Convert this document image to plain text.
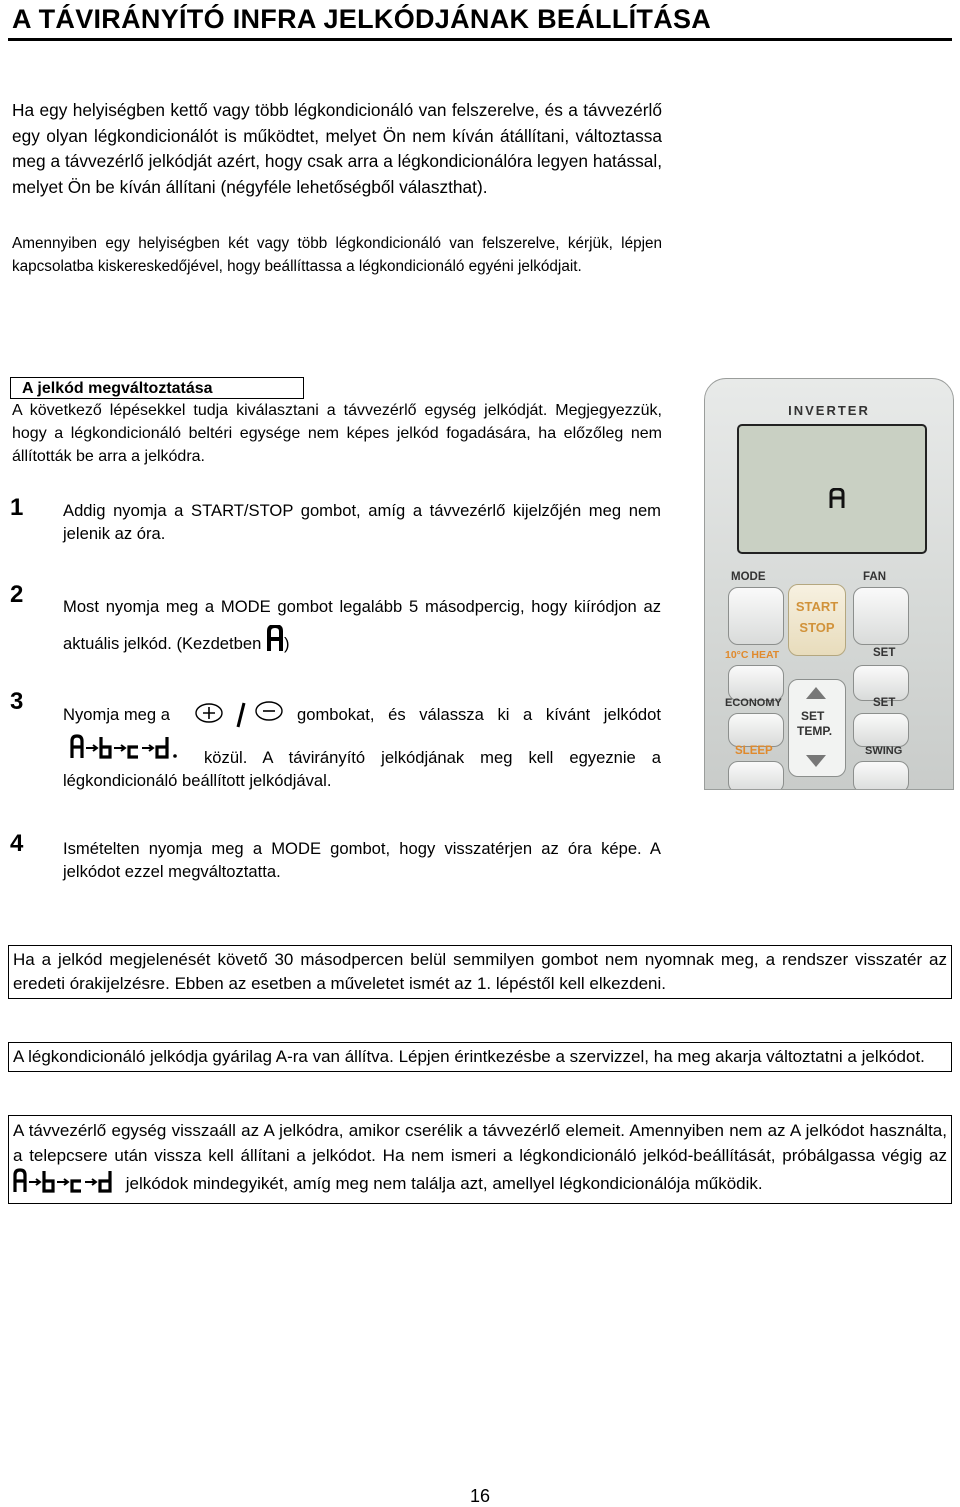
A TÁVIRÁNYÍTÓ INFRA JELKÓDJÁNAK BEÁLLÍTÁSA
Ha egy helyiségben kettő vagy több légkondicionáló van felszerelve, és a távvezérlő egy olyan légkondicionálót is működtet, melyet Ön nem kíván átállítani, változtassa meg a távvezérlő jelkódját azért, hogy csak arra a légkondicionálóra legyen hatással, melyet Ön be kíván állítani (négyféle lehetőségből választhat).
Amennyiben egy helyiségben két vagy több légkondicionáló van felszerelve, kérjük, lépjen kapcsolatba kiskereskedőjével, hogy beállíttassa a légkondicionáló egyéni jelkódjait.
A jelkód megváltoztatása
A következő lépésekkel tudja kiválasztani a távvezérlő egység jelkódját. Megjegyezzük, hogy a légkondicionáló beltéri egysége nem képes jelkód fogadására, ha előzőleg nem állították be arra a jelkódra.
1 Addig nyomja a START/STOP gombot, amíg a távvezérlő kijelzőjén meg nem jelenik az óra.
2 Most nyomja meg a MODE gombot legalább 5 másodpercig, hogy kiíródjon az aktuális jelkód. (Kezdetben )
3 Nyomja meg a	gombokat, és válassza ki a kívánt jelkódot
közül. A távirányító jelkódjának meg kell egyeznie a légkondicionáló beállított jelkódjával.
4 Ismételten nyomja meg a MODE gombot, hogy visszatérjen az óra képe. A jelkódot ezzel megváltoztatta.
INVERTER
MODE	FAN
START
STOP
10°C HEAT	SET
SET
TEMP.
ECONOMY	SET
SLEEP	SWING
Ha a jelkód megjelenését követő 30 másodpercen belül semmilyen gombot nem nyomnak meg, a rendszer visszatér az eredeti órakijelzésre. Ebben az esetben a műveletet ismét az 1. lépéstől kell elkezdeni.
A légkondicionáló jelkódja gyárilag A-ra van állítva. Lépjen érintkezésbe a szervizzel, ha meg akarja változtatni a jelkódot.
A távvezérlő egység visszaáll az A jelkódra, amikor cserélik a távvezérlő elemeit. Amennyiben nem az A jelkódot használta, a telepcsere után vissza kell állítani a jelkódot. Ha nem ismeri a légkondicionáló jelkód-beállítását, próbálgassa végig az  jelkódok mindegyikét, amíg meg nem találja azt, amellyel légkondicionálója működik.
16
